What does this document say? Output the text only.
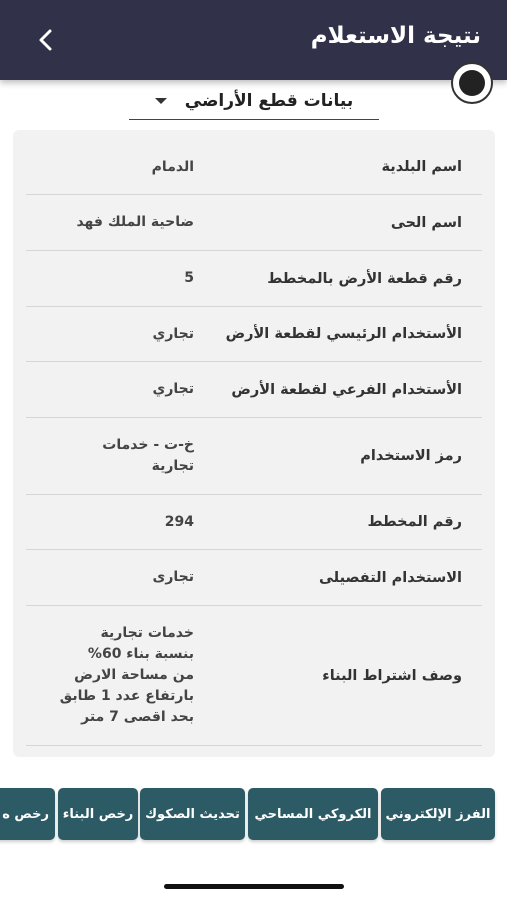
نتيجة الاستعلام
بيانات قطع الأراضي
اسم البلدية
الدمام
اسم الحى
ضاحية الملك فهد
رقم قطعة الأرض بالمخطط
5
الأستخدام الرئيسي لقطعة الأرض
تجاري
الأستخدام الفرعي لقطعة الأرض
تجاري
رمز الاستخدام
خ-ت - خدمات
تجارية
رقم المخطط
294
الاستخدام التفصيلى
تجارى
وصف اشتراط البناء
خدمات تجارية
بنسبة بناء 60%
من مساحة الارض
بارتفاع عدد 1 طابق
بحد اقصى 7 متر
الفرز الإلكتروني
الكروكي المساحي
تحديث الصكوك
رخص البناء
رخص ه
